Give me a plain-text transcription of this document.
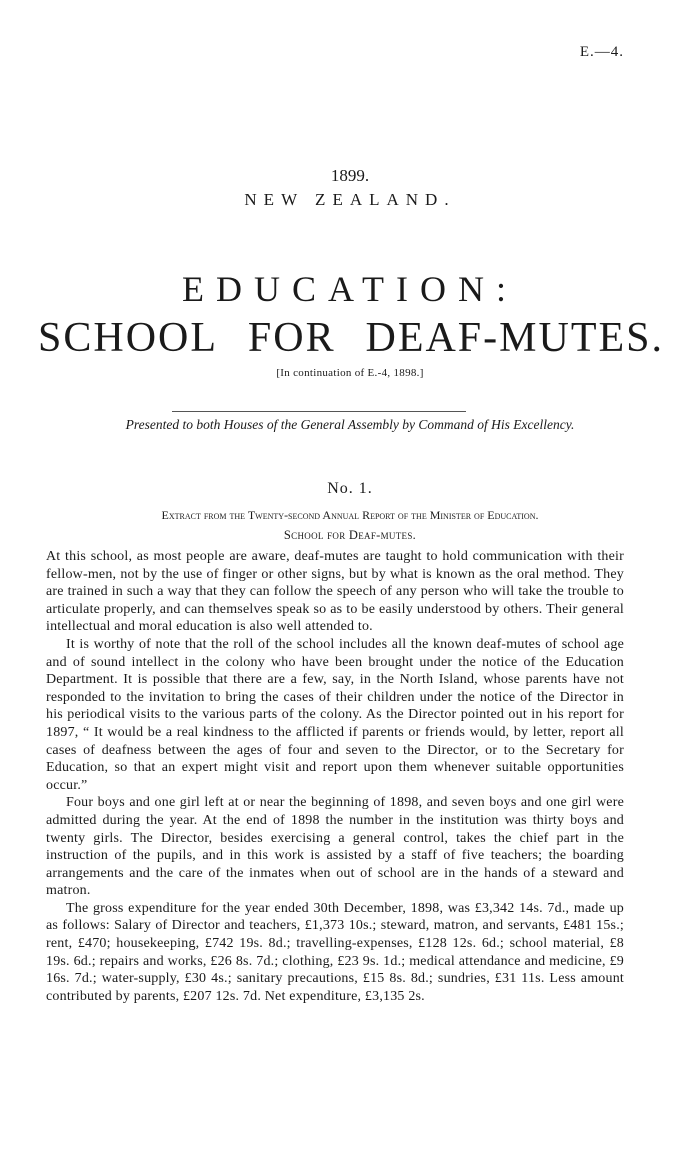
E.—4.
1899.
NEW ZEALAND.
EDUCATION:
SCHOOL FOR DEAF-MUTES.
[In continuation of E.-4, 1898.]
Presented to both Houses of the General Assembly by Command of His Excellency.
No. 1.
Extract from the Twenty-second Annual Report of the Minister of Education.
School for Deaf-mutes.

At this school, as most people are aware, deaf-mutes are taught to hold communication with their fellow-men, not by the use of finger or other signs, but by what is known as the oral method. They are trained in such a way that they can follow the speech of any person who will take the trouble to articulate properly, and can themselves speak so as to be easily understood by others. Their general intellectual and moral education is also well attended to.

It is worthy of note that the roll of the school includes all the known deaf-mutes of school age and of sound intellect in the colony who have been brought under the notice of the Education Department. It is possible that there are a few, say, in the North Island, whose parents have not responded to the invitation to bring the cases of their children under the notice of the Director in his periodical visits to the various parts of the colony. As the Director pointed out in his report for 1897, “ It would be a real kindness to the afflicted if parents or friends would, by letter, report all cases of deafness between the ages of four and seven to the Director, or to the Secretary for Education, so that an expert might visit and report upon them whenever suitable opportunities occur.”

Four boys and one girl left at or near the beginning of 1898, and seven boys and one girl were admitted during the year. At the end of 1898 the number in the institution was thirty boys and twenty girls. The Director, besides exercising a general control, takes the chief part in the instruction of the pupils, and in this work is assisted by a staff of five teachers; the boarding arrangements and the care of the inmates when out of school are in the hands of a steward and matron.

The gross expenditure for the year ended 30th December, 1898, was £3,342 14s. 7d., made up as follows: Salary of Director and teachers, £1,373 10s.; steward, matron, and servants, £481 15s.; rent, £470; housekeeping, £742 19s. 8d.; travelling-expenses, £128 12s. 6d.; school material, £8 19s. 6d.; repairs and works, £26 8s. 7d.; clothing, £23 9s. 1d.; medical attendance and medicine, £9 16s. 7d.; water-supply, £30 4s.; sanitary precautions, £15 8s. 8d.; sundries, £31 11s. Less amount contributed by parents, £207 12s. 7d. Net expenditure, £3,135 2s.
